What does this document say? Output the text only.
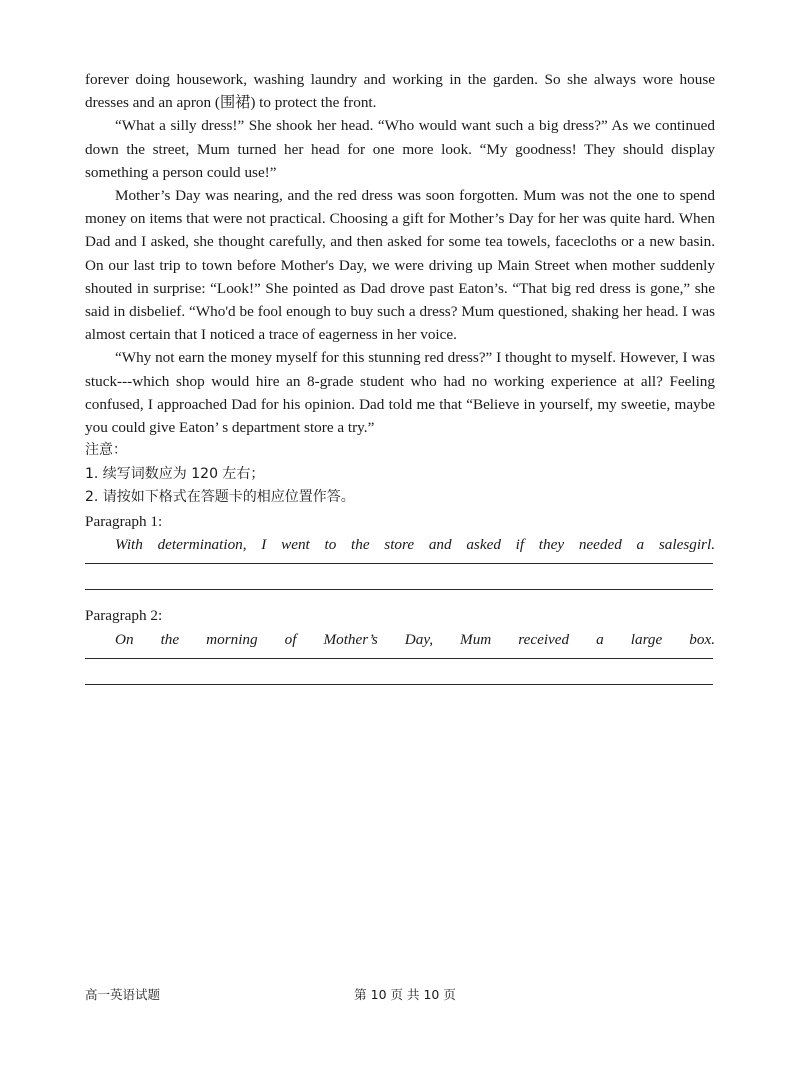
forever doing housework, washing laundry and working in the garden. So she always wore house dresses and an apron (围裙) to protect the front.

“What a silly dress!” She shook her head. “Who would want such a big dress?” As we continued down the street, Mum turned her head for one more look. “My goodness! They should display something a person could use!”

Mother’s Day was nearing, and the red dress was soon forgotten. Mum was not the one to spend money on items that were not practical. Choosing a gift for Mother’s Day for her was quite hard. When Dad and I asked, she thought carefully, and then asked for some tea towels, facecloths or a new basin. On our last trip to town before Mother's Day, we were driving up Main Street when mother suddenly shouted in surprise: “Look!” She pointed as Dad drove past Eaton’s. “That big red dress is gone,” she said in disbelief. “Who'd be fool enough to buy such a dress? Mum questioned, shaking her head. I was almost certain that I noticed a trace of eagerness in her voice.

“Why not earn the money myself for this stunning red dress?” I thought to myself. However, I was stuck---which shop would hire an 8-grade student who had no working experience at all? Feeling confused, I approached Dad for his opinion. Dad told me that “Believe in yourself, my sweetie, maybe you could give Eaton’ s department store a try.”

注意：

1. 续写词数应为 120 左右；

2. 请按如下格式在答题卡的相应位置作答。

Paragraph 1:

With determination, I went to the store and asked if they needed a salesgirl.

Paragraph 2:

On the morning of Mother’s Day, Mum received a large box.

高一英语试题	第 10 页 共 10 页
